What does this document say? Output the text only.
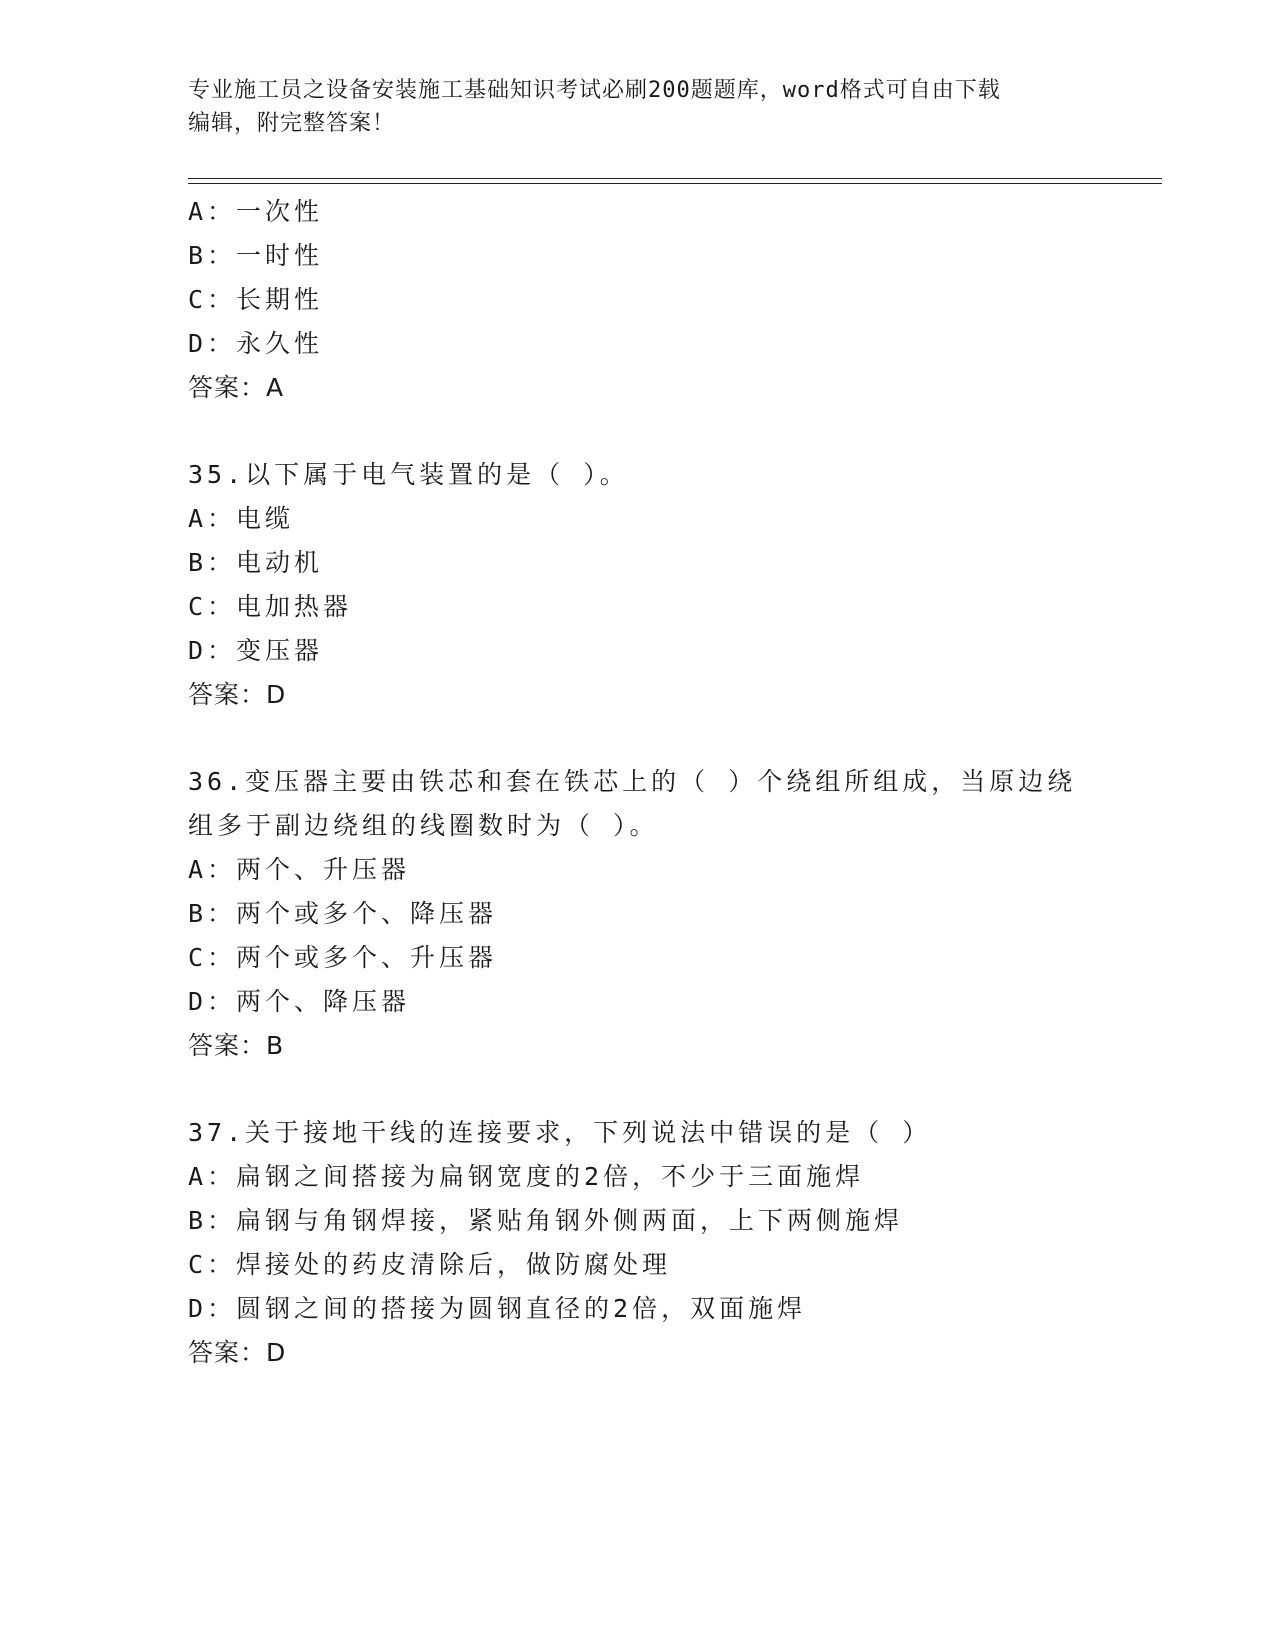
专业施工员之设备安装施工基础知识考试必刷200题题库，word格式可自由下载
编辑，附完整答案！
A：一次性
B：一时性
C：长期性
D：永久性
答案：A
35.以下属于电气装置的是（ ）。
A：电缆
B：电动机
C：电加热器
D：变压器
答案：D
36.变压器主要由铁芯和套在铁芯上的（ ）个绕组所组成，当原边绕
组多于副边绕组的线圈数时为（ ）。
A：两个、升压器
B：两个或多个、降压器
C：两个或多个、升压器
D：两个、降压器
答案：B
37.关于接地干线的连接要求，下列说法中错误的是（ ）
A：扁钢之间搭接为扁钢宽度的2倍，不少于三面施焊
B：扁钢与角钢焊接，紧贴角钢外侧两面，上下两侧施焊
C：焊接处的药皮清除后，做防腐处理
D：圆钢之间的搭接为圆钢直径的2倍，双面施焊
答案：D
